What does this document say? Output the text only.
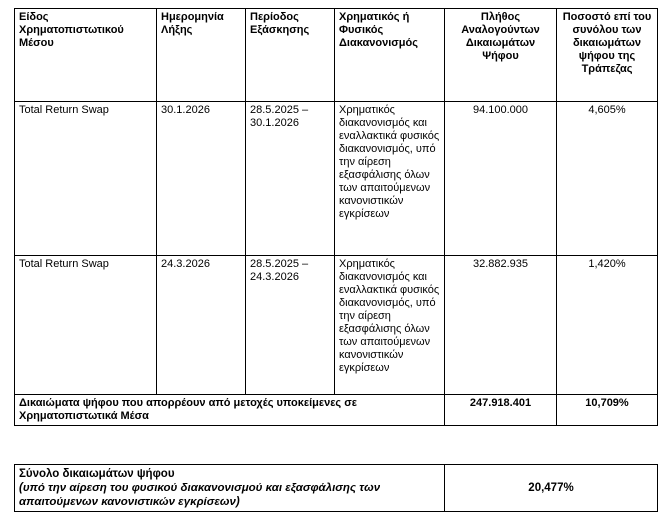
Είδος Χρηματοπιστωτικού Μέσου	Ημερομηνία Λήξης	Περίοδος Εξάσκησης	Χρηματικός ή Φυσικός Διακανονισμός	Πλήθος Αναλογούντων Δικαιωμάτων Ψήφου	Ποσοστό επί του συνόλου των δικαιωμάτων ψήφου της Τράπεζας
Total Return Swap	30.1.2026	28.5.2025 – 30.1.2026	Χρηματικός διακανονισμός και εναλλακτικά φυσικός διακανονισμός, υπό την αίρεση εξασφάλισης όλων των απαιτούμενων κανονιστικών εγκρίσεων	94.100.000	4,605%
Total Return Swap	24.3.2026	28.5.2025 – 24.3.2026	Χρηματικός διακανονισμός και εναλλακτικά φυσικός διακανονισμός, υπό την αίρεση εξασφάλισης όλων των απαιτούμενων κανονιστικών εγκρίσεων	32.882.935	1,420%
Δικαιώματα ψήφου που απορρέουν από μετοχές υποκείμενες σε Χρηματοπιστωτικά Μέσα				247.918.401	10,709%
Σύνολο δικαιωμάτων ψήφου
(υπό την αίρεση του φυσικού διακανονισμού και εξασφάλισης των απαιτούμενων κανονιστικών εγκρίσεων)
	20,477%
